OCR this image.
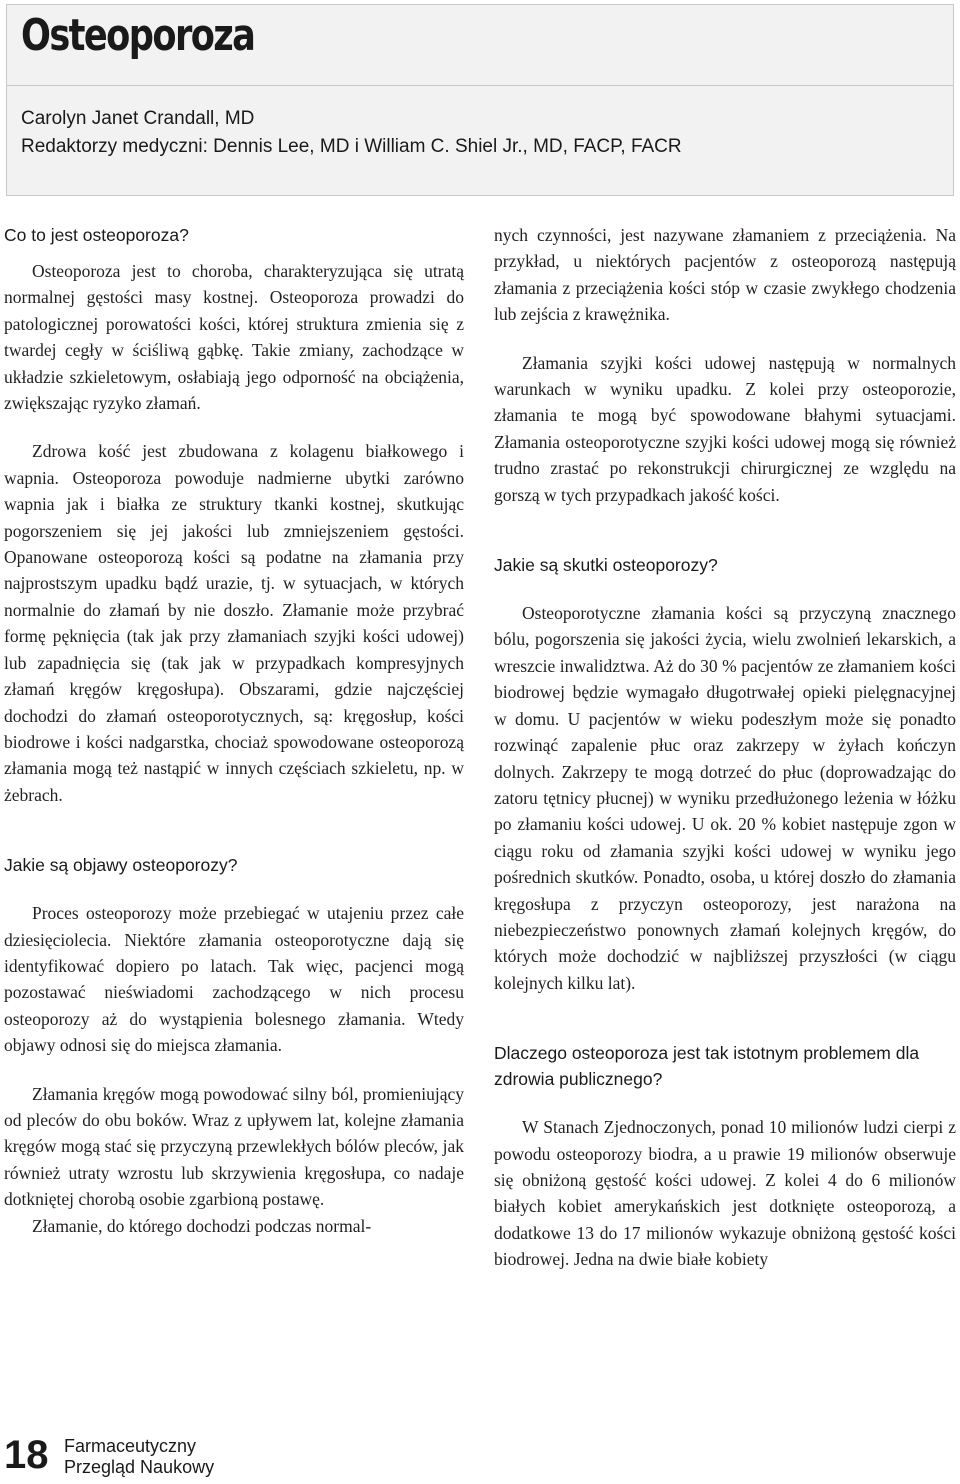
Osteoporoza
Carolyn Janet Crandall, MD
Redaktorzy medyczni: Dennis Lee, MD i William C. Shiel Jr., MD, FACP, FACR
Co to jest osteoporoza?

Osteoporoza jest to choroba, charakteryzująca się utratą normalnej gęstości masy kostnej. Osteoporoza prowadzi do patologicznej porowatości kości, której struktura zmienia się z twardej cegły w ściśliwą gąbkę. Takie zmiany, zachodzące w układzie szkieletowym, osłabiają jego odporność na obciążenia, zwiększając ryzyko złamań.

Zdrowa kość jest zbudowana z kolagenu białkowego i wapnia. Osteoporoza powoduje nadmierne ubytki zarówno wapnia jak i białka ze struktury tkanki kostnej, skutkując pogorszeniem się jej jakości lub zmniejszeniem gęstości. Opanowane osteoporozą kości są podatne na złamania przy najprostszym upadku bądź urazie, tj. w sytuacjach, w których normalnie do złamań by nie doszło. Złamanie może przybrać formę pęknięcia (tak jak przy złamaniach szyjki kości udowej) lub zapadnięcia się (tak jak w przypadkach kompresyjnych złamań kręgów kręgosłupa). Obszarami, gdzie najczęściej dochodzi do złamań osteoporotycznych, są: kręgosłup, kości biodrowe i kości nadgarstka, chociaż spowodowane osteoporozą złamania mogą też nastąpić w innych częściach szkieletu, np. w żebrach.

Jakie są objawy osteoporozy?

Proces osteoporozy może przebiegać w utajeniu przez całe dziesięciolecia. Niektóre złamania osteoporotyczne dają się identyfikować dopiero po latach. Tak więc, pacjenci mogą pozostawać nieświadomi zachodzącego w nich procesu osteoporozy aż do wystąpienia bolesnego złamania. Wtedy objawy odnosi się do miejsca złamania.

Złamania kręgów mogą powodować silny ból, promieniujący od pleców do obu boków. Wraz z upływem lat, kolejne złamania kręgów mogą stać się przyczyną przewlekłych bólów pleców, jak również utraty wzrostu lub skrzywienia kręgosłupa, co nadaje dotkniętej chorobą osobie zgarbioną postawę.

Złamanie, do którego dochodzi podczas normal-

nych czynności, jest nazywane złamaniem z przeciążenia. Na przykład, u niektórych pacjentów z osteoporozą następują złamania z przeciążenia kości stóp w czasie zwykłego chodzenia lub zejścia z krawężnika.

Złamania szyjki kości udowej następują w normalnych warunkach w wyniku upadku. Z kolei przy osteoporozie, złamania te mogą być spowodowane błahymi sytuacjami. Złamania osteoporotyczne szyjki kości udowej mogą się również trudno zrastać po rekonstrukcji chirurgicznej ze względu na gorszą w tych przypadkach jakość kości.

Jakie są skutki osteoporozy?

Osteoporotyczne złamania kości są przyczyną znacznego bólu, pogorszenia się jakości życia, wielu zwolnień lekarskich, a wreszcie inwalidztwa. Aż do 30 % pacjentów ze złamaniem kości biodrowej będzie wymagało długotrwałej opieki pielęgnacyjnej w domu. U pacjentów w wieku podeszłym może się ponadto rozwinąć zapalenie płuc oraz zakrzepy w żyłach kończyn dolnych. Zakrzepy te mogą dotrzeć do płuc (doprowadzając do zatoru tętnicy płucnej) w wyniku przedłużonego leżenia w łóżku po złamaniu kości udowej. U ok. 20 % kobiet następuje zgon w ciągu roku od złamania szyjki kości udowej w wyniku jego pośrednich skutków. Ponadto, osoba, u której doszło do złamania kręgosłupa z przyczyn osteoporozy, jest narażona na niebezpieczeństwo ponownych złamań kolejnych kręgów, do których może dochodzić w najbliższej przyszłości (w ciągu kolejnych kilku lat).

Dlaczego osteoporoza jest tak istotnym problemem dla zdrowia publicznego?

W Stanach Zjednoczonych, ponad 10 milionów ludzi cierpi z powodu osteoporozy biodra, a u prawie 19 milionów obserwuje się obniżoną gęstość kości udowej. Z kolei 4 do 6 milionów białych kobiet amerykańskich jest dotknięte osteoporozą, a dodatkowe 13 do 17 milionów wykazuje obniżoną gęstość kości biodrowej. Jedna na dwie białe kobiety

18 Farmaceutyczny
Przegląd Naukowy
